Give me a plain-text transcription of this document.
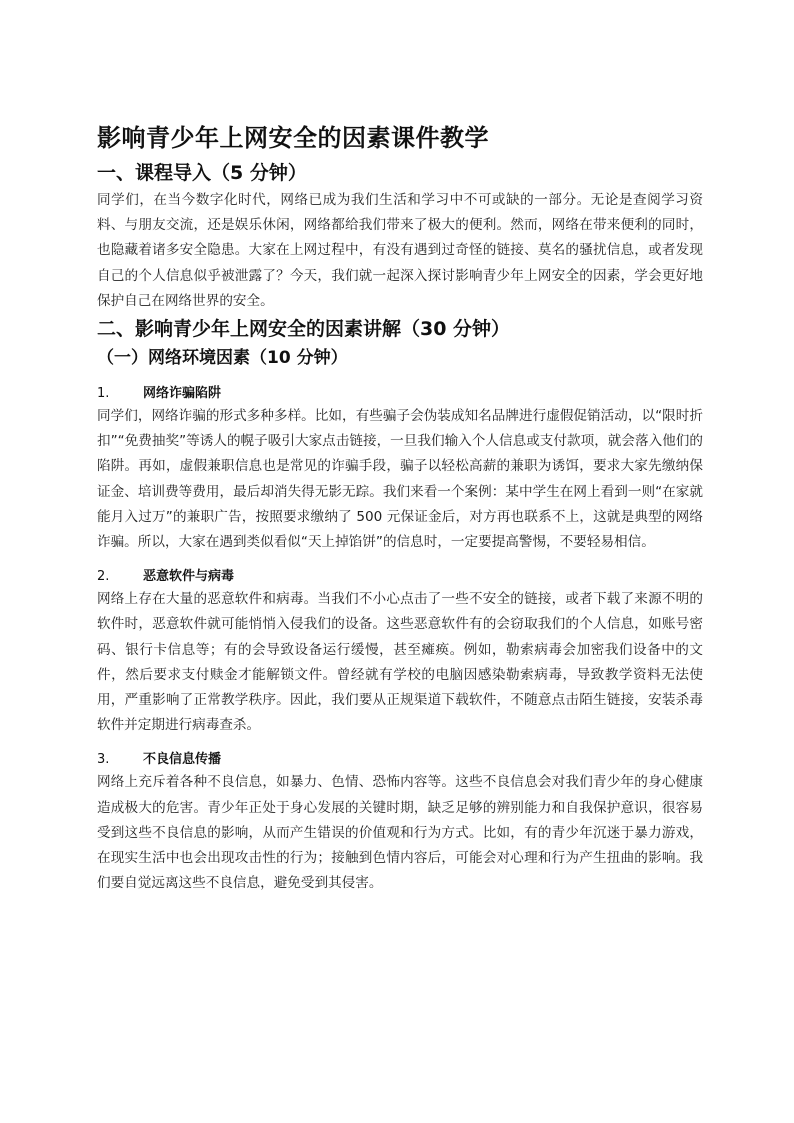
影响青少年上网安全的因素课件教学
一、课程导入（5 分钟）

同学们，在当今数字化时代，网络已成为我们生活和学习中不可或缺的一部分。无论是查阅学习资料、与朋友交流，还是娱乐休闲，网络都给我们带来了极大的便利。然而，网络在带来便利的同时，也隐藏着诸多安全隐患。大家在上网过程中，有没有遇到过奇怪的链接、莫名的骚扰信息，或者发现自己的个人信息似乎被泄露了？今天，我们就一起深入探讨影响青少年上网安全的因素，学会更好地保护自己在网络世界的安全。

二、影响青少年上网安全的因素讲解（30 分钟）
（一）网络环境因素（10 分钟）
1.	网络诈骗陷阱

同学们，网络诈骗的形式多种多样。比如，有些骗子会伪装成知名品牌进行虚假促销活动，以“限时折扣”“免费抽奖”等诱人的幌子吸引大家点击链接，一旦我们输入个人信息或支付款项，就会落入他们的陷阱。再如，虚假兼职信息也是常见的诈骗手段，骗子以轻松高薪的兼职为诱饵，要求大家先缴纳保证金、培训费等费用，最后却消失得无影无踪。我们来看一个案例：某中学生在网上看到一则“在家就能月入过万”的兼职广告，按照要求缴纳了 500 元保证金后，对方再也联系不上，这就是典型的网络诈骗。所以，大家在遇到类似看似“天上掉馅饼”的信息时，一定要提高警惕，不要轻易相信。

2.	恶意软件与病毒

网络上存在大量的恶意软件和病毒。当我们不小心点击了一些不安全的链接，或者下载了来源不明的软件时，恶意软件就可能悄悄入侵我们的设备。这些恶意软件有的会窃取我们的个人信息，如账号密码、银行卡信息等；有的会导致设备运行缓慢，甚至瘫痪。例如，勒索病毒会加密我们设备中的文件，然后要求支付赎金才能解锁文件。曾经就有学校的电脑因感染勒索病毒，导致教学资料无法使用，严重影响了正常教学秩序。因此，我们要从正规渠道下载软件，不随意点击陌生链接，安装杀毒软件并定期进行病毒查杀。

3.	不良信息传播

网络上充斥着各种不良信息，如暴力、色情、恐怖内容等。这些不良信息会对我们青少年的身心健康造成极大的危害。青少年正处于身心发展的关键时期，缺乏足够的辨别能力和自我保护意识，很容易受到这些不良信息的影响，从而产生错误的价值观和行为方式。比如，有的青少年沉迷于暴力游戏，在现实生活中也会出现攻击性的行为；接触到色情内容后，可能会对心理和行为产生扭曲的影响。我们要自觉远离这些不良信息，避免受到其侵害。
